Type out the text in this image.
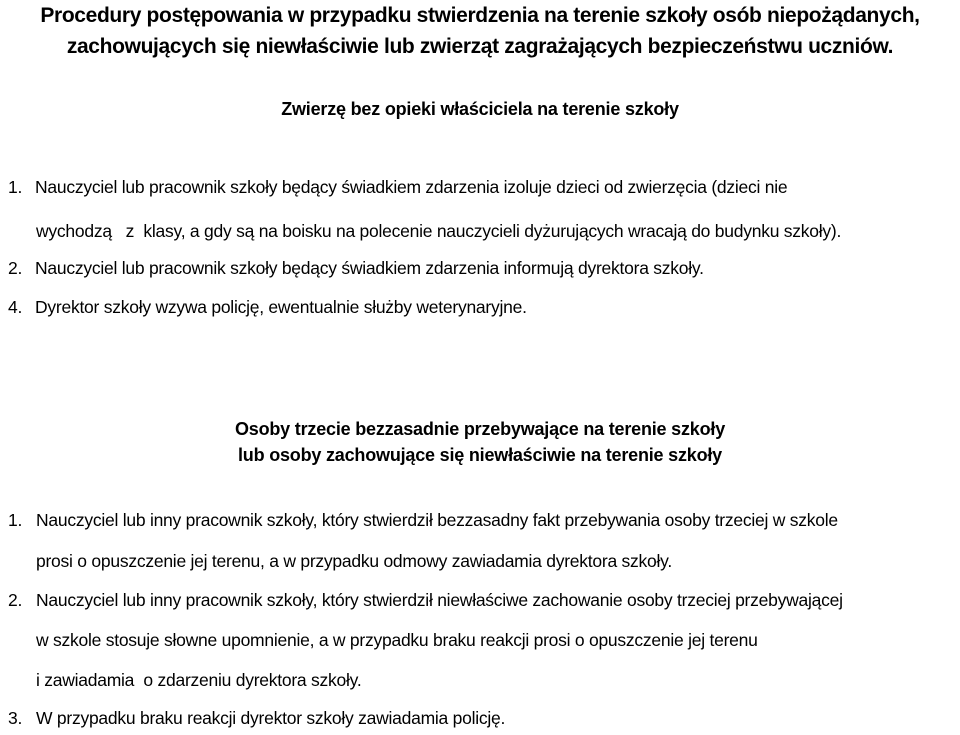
Procedury postępowania w przypadku stwierdzenia na terenie szkoły osób niepożądanych,
zachowujących się niewłaściwie lub zwierząt zagrażających bezpieczeństwu uczniów.
Zwierzę bez opieki właściciela na terenie szkoły
1. Nauczyciel lub pracownik szkoły będący świadkiem zdarzenia izoluje dzieci od zwierzęcia (dzieci nie
wychodzą   z  klasy, a gdy są na boisku na polecenie nauczycieli dyżurujących wracają do budynku szkoły).
2. Nauczyciel lub pracownik szkoły będący świadkiem zdarzenia informują dyrektora szkoły.
4. Dyrektor szkoły wzywa policję, ewentualnie służby weterynaryjne.
Osoby trzecie bezzasadnie przebywające na terenie szkoły
lub osoby zachowujące się niewłaściwie na terenie szkoły
1. Nauczyciel lub inny pracownik szkoły, który stwierdził bezzasadny fakt przebywania osoby trzeciej w szkole
prosi o opuszczenie jej terenu, a w przypadku odmowy zawiadamia dyrektora szkoły.
2. Nauczyciel lub inny pracownik szkoły, który stwierdził niewłaściwe zachowanie osoby trzeciej przebywającej
w szkole stosuje słowne upomnienie, a w przypadku braku reakcji prosi o opuszczenie jej terenu
i zawiadamia  o zdarzeniu dyrektora szkoły.
3. W przypadku braku reakcji dyrektor szkoły zawiadamia policję.
